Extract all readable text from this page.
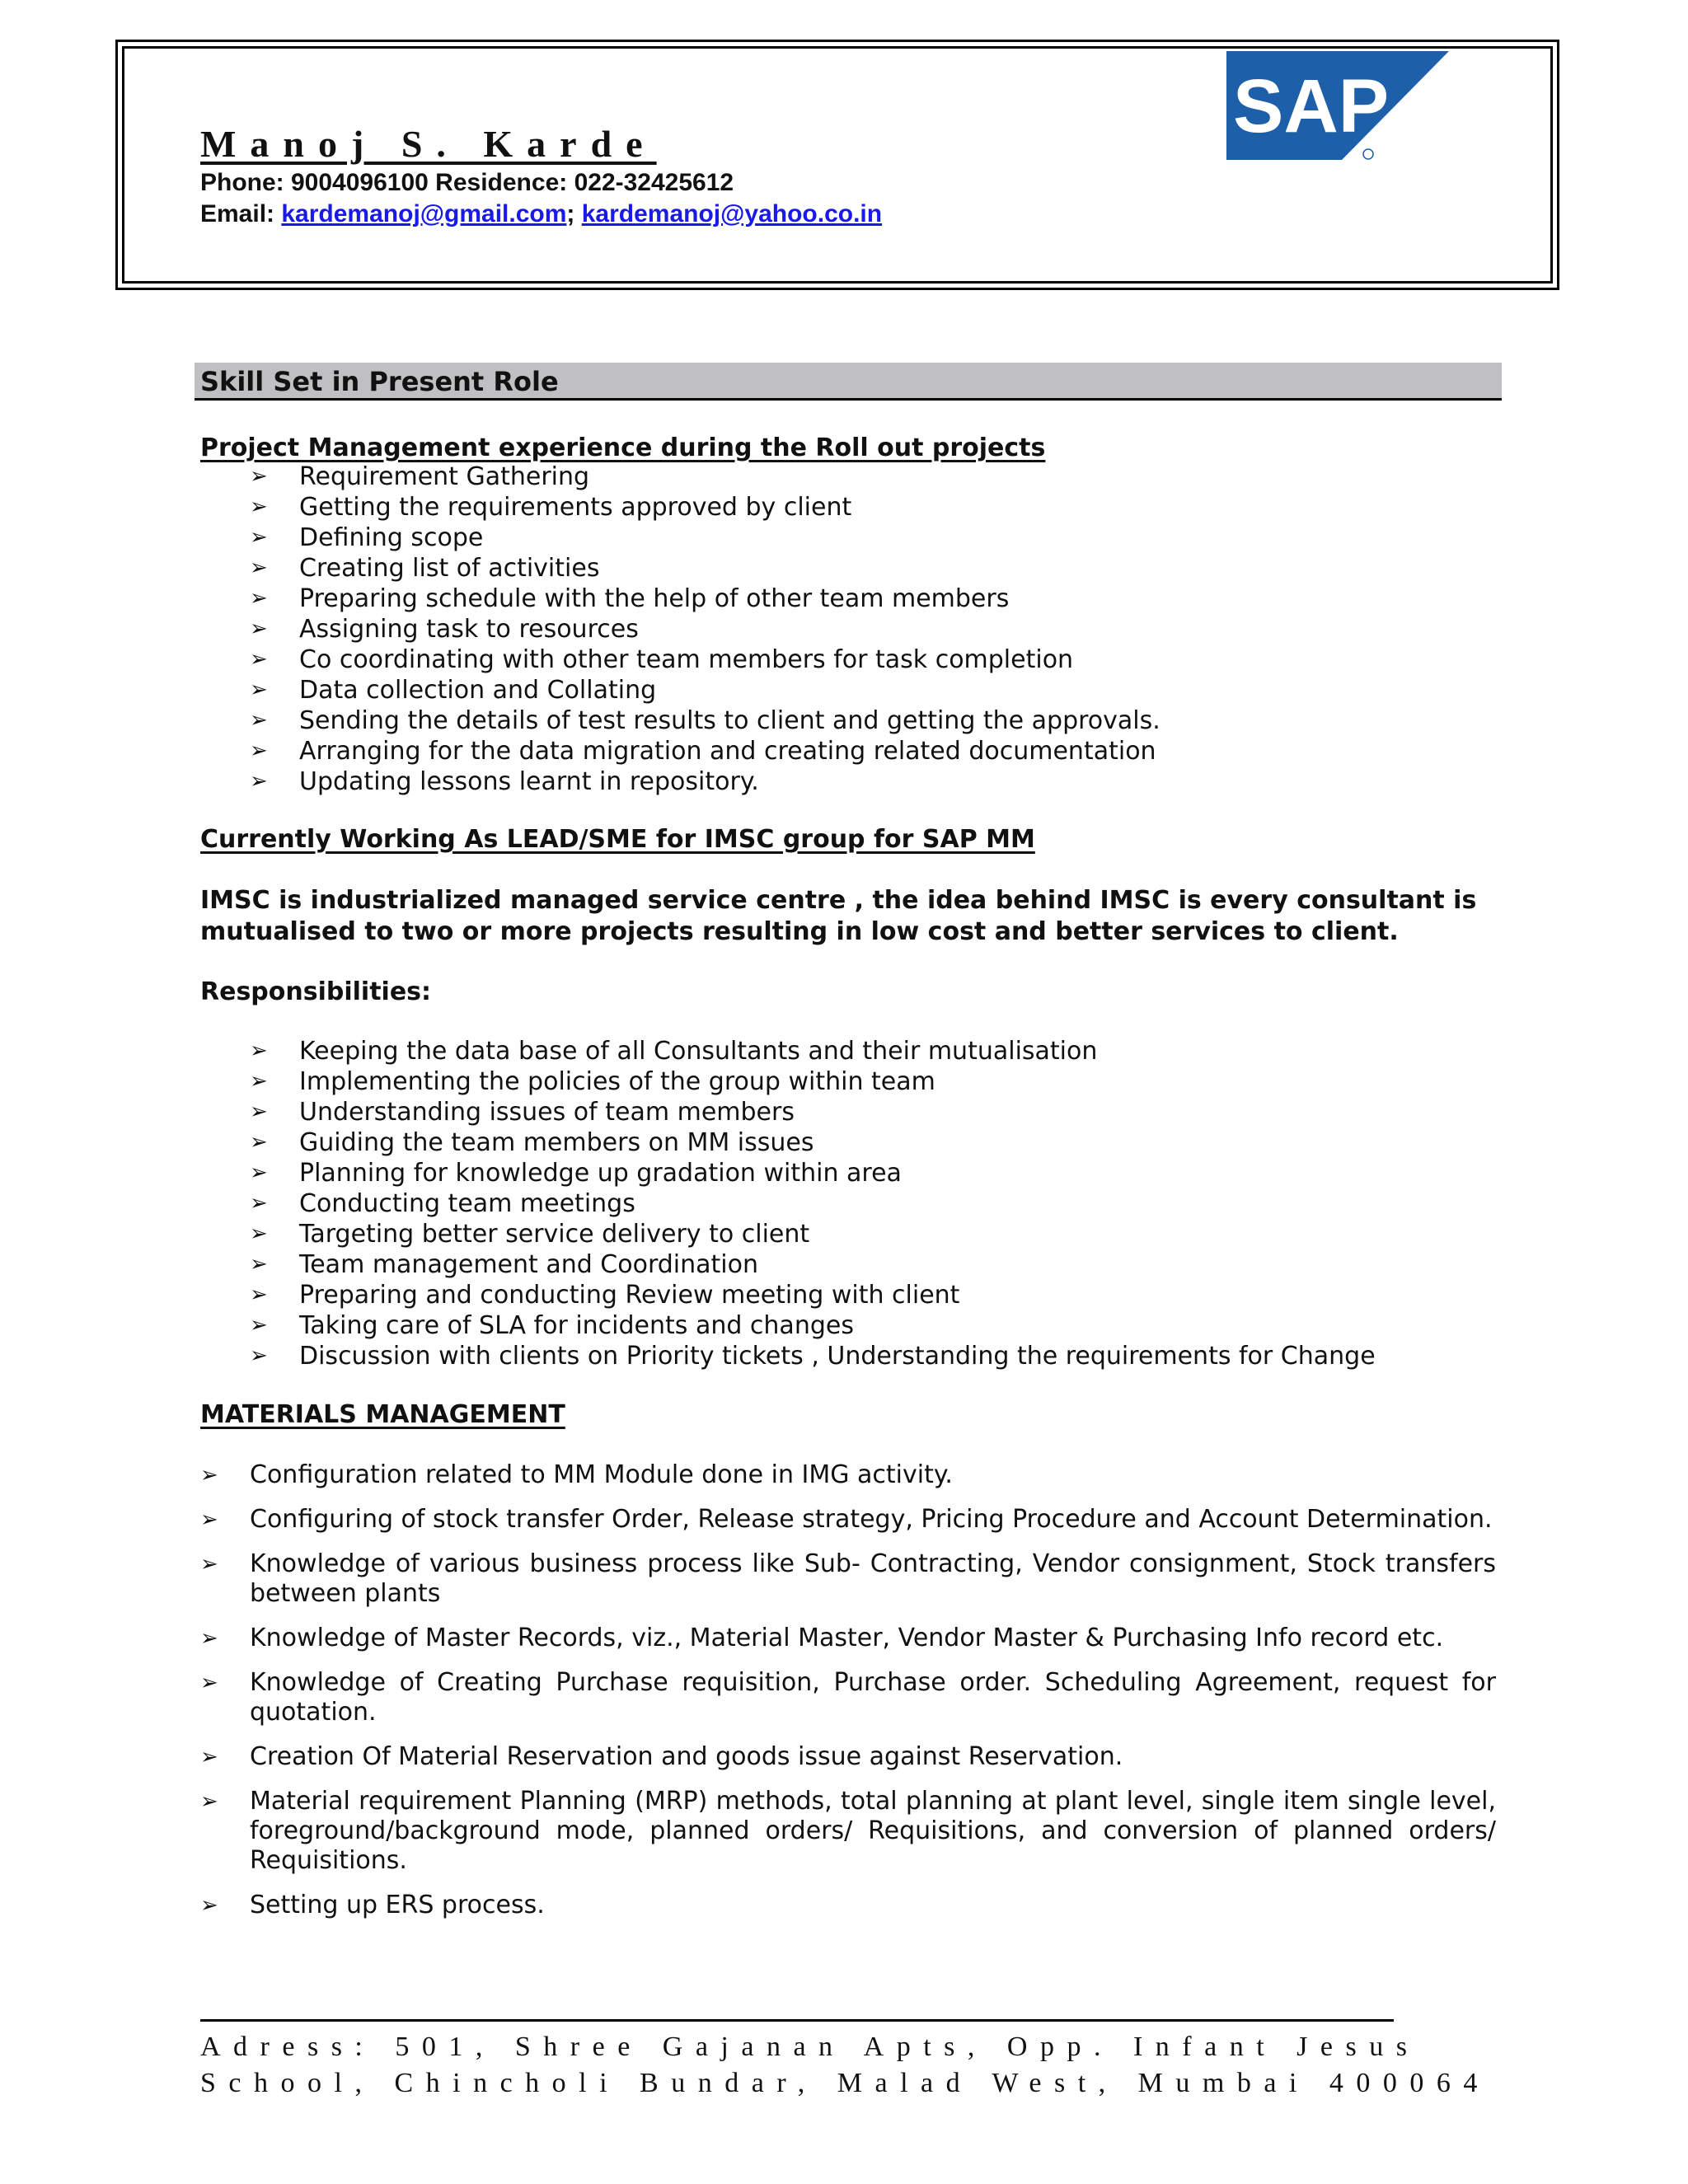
Manoj S. Karde
Phone: 9004096100 Residence: 022-32425612
Email: kardemanoj@gmail.com; kardemanoj@yahoo.co.in
SAP
Skill Set in Present Role
Project Management experience during the Roll out projects
➢ Requirement Gathering
➢ Getting the requirements approved by client
➢ Defining scope
➢ Creating list of activities
➢ Preparing schedule with the help of other team members
➢ Assigning task to resources
➢ Co coordinating with other team members for task completion
➢ Data collection and Collating
➢ Sending the details of test results to client and getting the approvals.
➢ Arranging for the data migration and creating related documentation
➢ Updating lessons learnt in repository.
Currently Working As LEAD/SME for IMSC group for SAP MM
IMSC is industrialized managed service centre , the idea behind IMSC is every consultant is
mutualised to two or more projects resulting in low cost and better services to client.
Responsibilities:
➢ Keeping the data base of all Consultants and their mutualisation
➢ Implementing the policies of the group within team
➢ Understanding issues of team members
➢ Guiding the team members on MM issues
➢ Planning for knowledge up gradation within area
➢ Conducting team meetings
➢ Targeting better service delivery to client
➢ Team management and Coordination
➢ Preparing and conducting Review meeting with client
➢ Taking care of SLA for incidents and changes
➢ Discussion with clients on Priority tickets , Understanding the requirements for Change
MATERIALS MANAGEMENT
➢ Configuration related to MM Module done in IMG activity.
➢ Configuring of stock transfer Order, Release strategy, Pricing Procedure and Account Determination.
➢ Knowledge of various business process like Sub- Contracting, Vendor consignment, Stock transfers between plants
➢ Knowledge of Master Records, viz., Material Master, Vendor Master & Purchasing Info record etc.
➢ Knowledge of Creating Purchase requisition, Purchase order. Scheduling Agreement, request for quotation.
➢ Creation Of Material Reservation and goods issue against Reservation.
➢ Material requirement Planning (MRP) methods, total planning at plant level, single item single level, foreground/background mode, planned orders/ Requisitions, and conversion of planned orders/ Requisitions.
➢ Setting up ERS process.
Adress: 501, Shree Gajanan Apts, Opp. Infant Jesus
School, Chincholi Bundar, Malad West, Mumbai 400064
